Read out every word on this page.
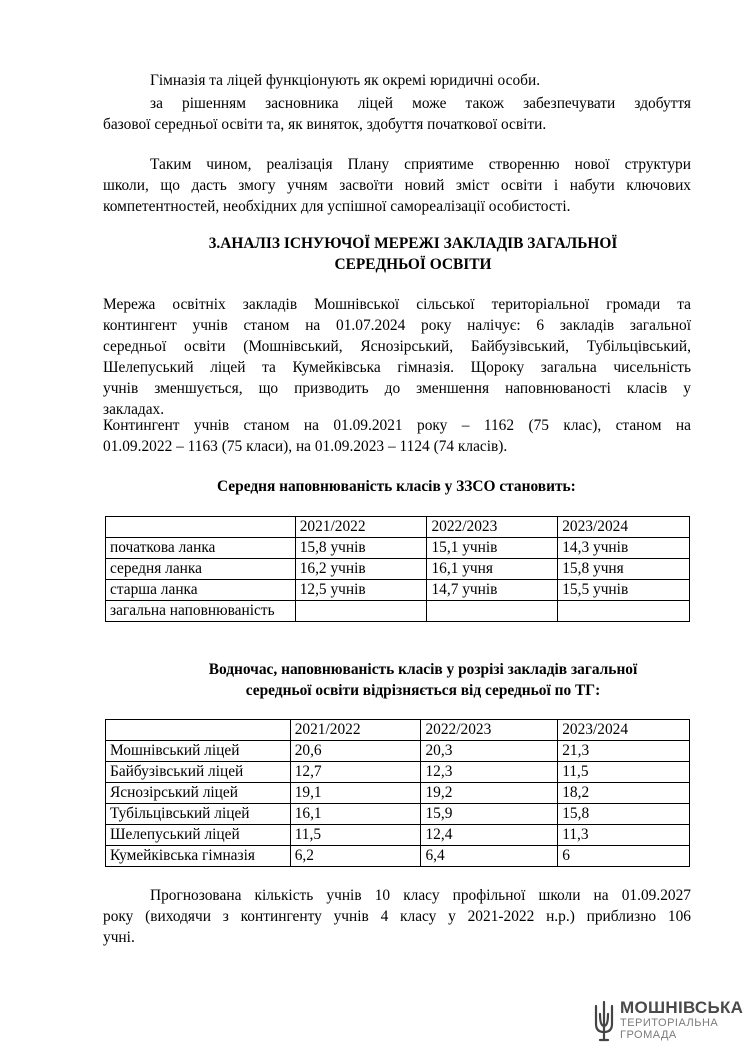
Гімназія та ліцей функціонують як окремі юридичні особи.
за рішенням засновника ліцей може також забезпечувати здобуття
базової середньої освіти та, як виняток, здобуття початкової освіти.
Таким чином, реалізація Плану сприятиме створенню нової структури
школи, що дасть змогу учням засвоїти новий зміст освіти і набути ключових
компетентностей, необхідних для успішної самореалізації особистості.
3.АНАЛІЗ ІСНУЮЧОЇ МЕРЕЖІ ЗАКЛАДІВ ЗАГАЛЬНОЇ
СЕРЕДНЬОЇ ОСВІТИ
Мережа освітніх закладів Мошнівської сільської територіальної громади та
контингент учнів станом на 01.07.2024 року налічує: 6 закладів загальної
середньої освіти (Мошнівський, Яснозірський, Байбузівський, Тубільцівський,
Шелепуський ліцей та Кумейківська гімназія. Щороку загальна чисельність
учнів зменшується, що призводить до зменшення наповнюваності класів у
закладах.
Контингент учнів станом на 01.09.2021 року – 1162 (75 клас), станом на
01.09.2022 – 1163 (75 класи), на 01.09.2023 – 1124 (74 класів).
Середня наповнюваність класів у ЗЗСО становить:
	2021/2022	2022/2023	2023/2024
початкова ланка	15,8 учнів	15,1 учнів	14,3 учнів
середня ланка	16,2 учнів	16,1 учня	15,8 учня
старша ланка	12,5 учнів	14,7 учнів	15,5 учнів
загальна наповнюваність			
Водночас, наповнюваність класів у розрізі закладів загальної
середньої освіти відрізняється від середньої по ТГ:
	2021/2022	2022/2023	2023/2024
Мошнівський ліцей	20,6	20,3	21,3
Байбузівський ліцей	12,7	12,3	11,5
Яснозірський ліцей	19,1	19,2	18,2
Тубільцівський ліцей	16,1	15,9	15,8
Шелепуський ліцей	11,5	12,4	11,3
Кумейківська гімназія	6,2	6,4	6
Прогнозована кількість учнів 10 класу профільної школи на 01.09.2027
року (виходячи з контингенту учнів 4 класу у 2021-2022 н.р.) приблизно 106
учні.
МОШНІВСЬКА
ТЕРИТОРІАЛЬНА
ГРОМАДА
